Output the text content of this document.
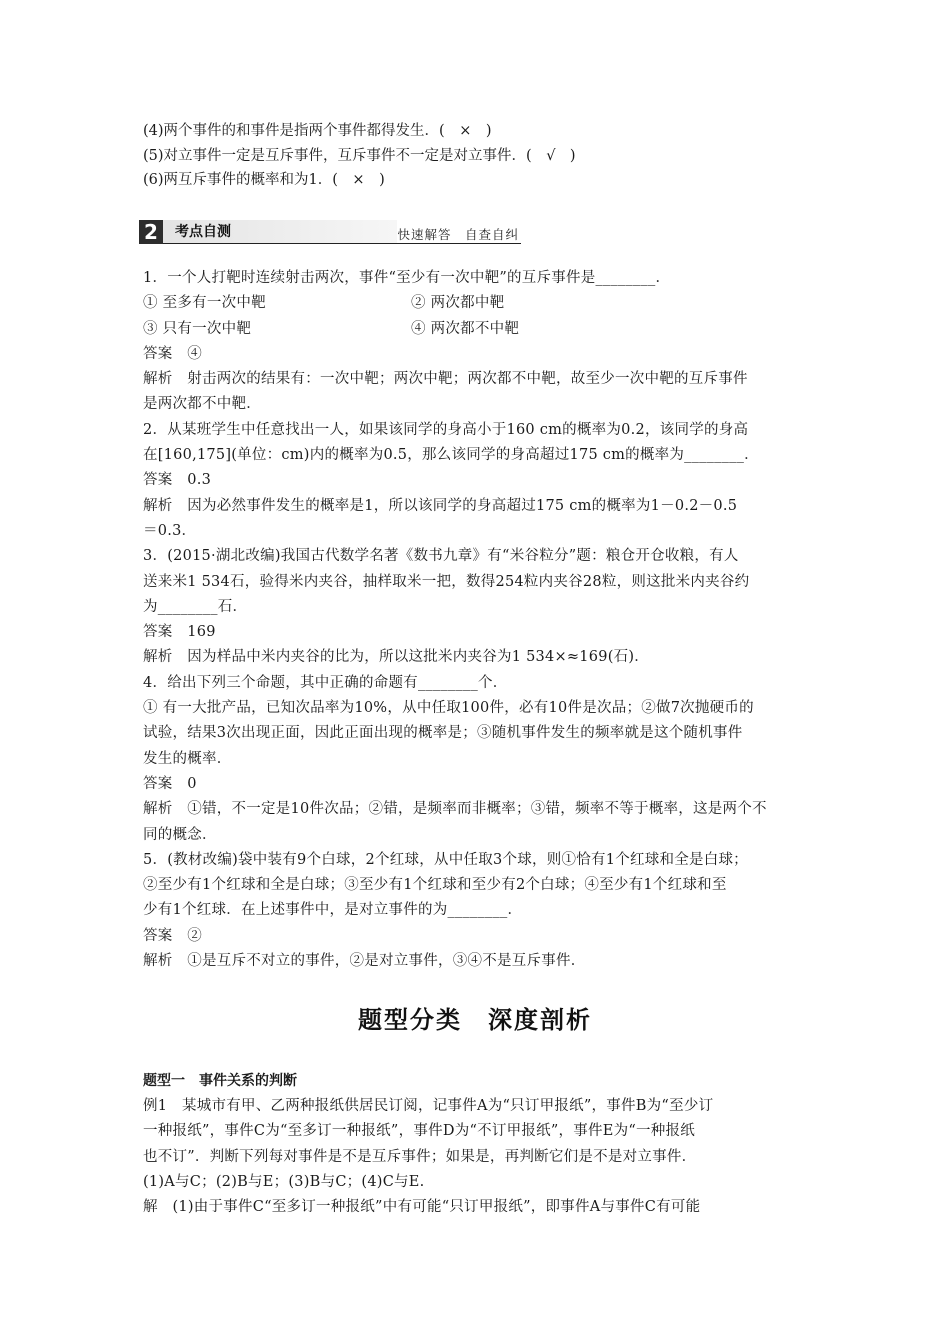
(4)两个事件的和事件是指两个事件都得发生．(　×　)
(5)对立事件一定是互斥事件，互斥事件不一定是对立事件．(　√　)
(6)两互斥事件的概率和为1．(　×　)
2	考点自测	快速解答　自查自纠
1．一个人打靶时连续射击两次，事件“至少有一次中靶”的互斥事件是________．
① 至多有一次中靶	② 两次都中靶
③ 只有一次中靶	④ 两次都不中靶
答案　④
解析　射击两次的结果有：一次中靶；两次中靶；两次都不中靶，故至少一次中靶的互斥事件
是两次都不中靶．
2．从某班学生中任意找出一人，如果该同学的身高小于160 cm的概率为0.2，该同学的身高
在[160,175](单位：cm)内的概率为0.5，那么该同学的身高超过175 cm的概率为________．
答案　0.3
解析　因为必然事件发生的概率是1，所以该同学的身高超过175 cm的概率为1－0.2－0.5
＝0.3．
3．(2015·湖北改编)我国古代数学名著《数书九章》有“米谷粒分”题：粮仓开仓收粮，有人
送来米1 534石，验得米内夹谷，抽样取米一把，数得254粒内夹谷28粒，则这批米内夹谷约
为________石．
答案　169
解析　因为样品中米内夹谷的比为，所以这批米内夹谷为1 534×≈169(石)．
4．给出下列三个命题，其中正确的命题有________个．
① 有一大批产品，已知次品率为10%，从中任取100件，必有10件是次品；②做7次抛硬币的
试验，结果3次出现正面，因此正面出现的概率是；③随机事件发生的频率就是这个随机事件
发生的概率．
答案　0
解析　①错，不一定是10件次品；②错，是频率而非概率；③错，频率不等于概率，这是两个不
同的概念．
5．(教材改编)袋中装有9个白球，2个红球，从中任取3个球，则①恰有1个红球和全是白球；
②至少有1个红球和全是白球；③至少有1个红球和至少有2个白球；④至少有1个红球和至
少有1个红球．在上述事件中，是对立事件的为________．
答案　②
解析　①是互斥不对立的事件，②是对立事件，③④不是互斥事件．
题型分类　深度剖析
题型一　事件关系的判断
例1　某城市有甲、乙两种报纸供居民订阅，记事件A为“只订甲报纸”，事件B为“至少订
一种报纸”，事件C为“至多订一种报纸”，事件D为“不订甲报纸”，事件E为“一种报纸
也不订”．判断下列每对事件是不是互斥事件；如果是，再判断它们是不是对立事件．
(1)A与C；(2)B与E；(3)B与C；(4)C与E.
解　(1)由于事件C“至多订一种报纸”中有可能“只订甲报纸”，即事件A与事件C有可能
